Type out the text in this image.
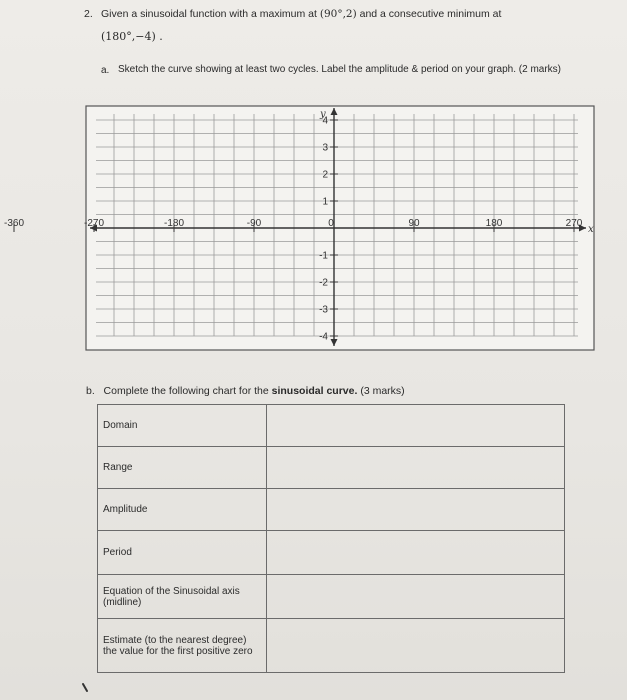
2. Given a sinusoidal function with a maximum at (90°,2) and a consecutive minimum at
(180°,−4) .
a. Sketch the curve showing at least two cycles. Label the amplitude & period on your graph. (2 marks)
-360	-270	-180	-90	0	90	180	270
x
y
4
3
2
1
-1
-2
-3
-4
b. Complete the following chart for the sinusoidal curve. (3 marks)
Domain	
Range	
Amplitude	
Period	
Equation of the Sinusoidal axis (midline)	
Estimate (to the nearest degree) the value for the first positive zero	
